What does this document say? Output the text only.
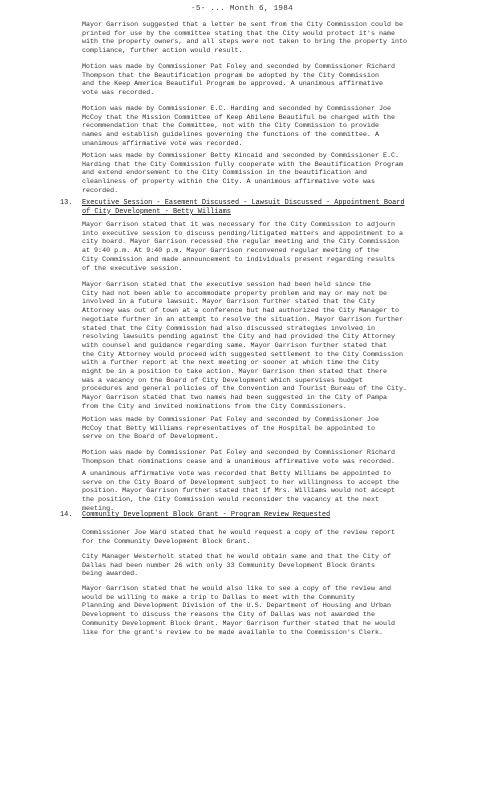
-5- ... Month 6, 1984
Mayor Garrison suggested that a letter be sent from the City Commission could be
printed for use by the committee stating that the City would protect it's name
with the property owners, and all steps were not taken to bring the property into
compliance, further action would result.
Motion was made by Commissioner Pat Foley and seconded by Commissioner Richard
Thompson that the Beautification program be adopted by the City Commission
and the Keep America Beautiful Program be approved. A unanimous affirmative
vote was recorded.
Motion was made by Commissioner E.C. Harding and seconded by Commissioner Joe
McCoy that the Mission Committee of Keep Abilene Beautiful be charged with the
recommendation that the Committee, not with the City Commission to provide
names and establish guidelines governing the functions of the committee. A
unanimous affirmative vote was recorded.
Motion was made by Commissioner Betty Kincaid and seconded by Commissioner E.C.
Harding that the City Commission fully cooperate with the Beautification Program
and extend endorsement to the City Commission in the beautification and
cleanliness of property within the City. A unanimous affirmative vote was
recorded.
13. Executive Session - Easement Discussed - Lawsuit Discussed - Appointment Board
of City Development - Betty Williams
Mayor Garrison stated that it was necessary for the City Commission to adjourn
into executive session to discuss pending/litigated matters and appointment to a
city board. Mayor Garrison recessed the regular meeting and the City Commission
at 9:40 p.m. At 9:40 p.m. Mayor Garrison reconvened regular meeting of the
City Commission and made announcement to individuals present regarding results
of the executive session.
Mayor Garrison stated that the executive session had been held since the
City had not been able to accommodate property problem and may or may not be
involved in a future lawsuit. Mayor Garrison further stated that the City
Attorney was out of town at a conference but had authorized the City Manager to
negotiate further in an attempt to resolve the situation. Mayor Garrison further
stated that the City Commission had also discussed strategies involved in
resolving lawsuits pending against the City and had provided the City Attorney
with counsel and guidance regarding same. Mayor Garrison further stated that
the City Attorney would proceed with suggested settlement to the City Commission
with a further report at the next meeting or sooner at which time the City
might be in a position to take action. Mayor Garrison then stated that there
was a vacancy on the Board of City Development which supervises budget
procedures and general policies of the Convention and Tourist Bureau of the City.
Mayor Garrison stated that two names had been suggested in the City of Pampa
from the City and invited nominations from the City Commissioners.
Motion was made by Commissioner Pat Foley and seconded by Commissioner Joe
McCoy that Betty Williams representatives of the Hospital be appointed to
serve on the Board of Development.
Motion was made by Commissioner Pat Foley and seconded by Commissioner Richard
Thompson that nominations cease and a unanimous affirmative vote was recorded.
A unanimous affirmative vote was recorded that Betty Williams be appointed to
serve on the City Board of Development subject to her willingness to accept the
position. Mayor Garrison further stated that if Mrs. Williams would not accept
the position, the City Commission would reconsider the vacancy at the next
meeting.
14. Community Development Block Grant - Program Review Requested
Commissioner Joe Ward stated that he would request a copy of the review report
for the Community Development Block Grant.
City Manager Westerholt stated that he would obtain same and that the City of
Dallas had been number 26 with only 33 Community Development Block Grants
being awarded.
Mayor Garrison stated that he would also like to see a copy of the review and
would be willing to make a trip to Dallas to meet with the Community
Planning and Development Division of the U.S. Department of Housing and Urban
Development to discuss the reasons the City of Dallas was not awarded the
Community Development Block Grant. Mayor Garrison further stated that he would
like for the grant's review to be made available to the Commission's Clerk.
